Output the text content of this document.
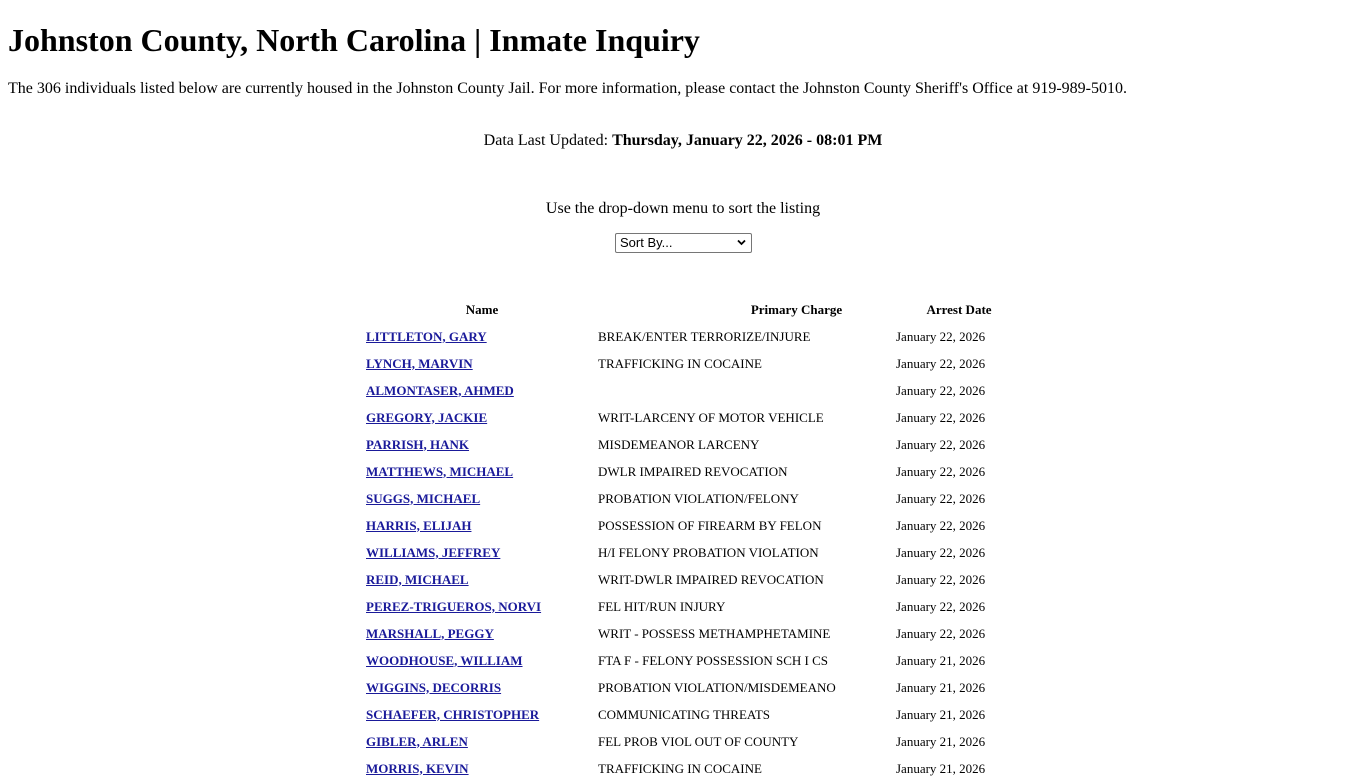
Johnston County, North Carolina | Inmate Inquiry

The 306 individuals listed below are currently housed in the Johnston County Jail. For more information, please contact the Johnston County Sheriff's Office at 919-989-5010.

Data Last Updated: Thursday, January 22, 2026 - 08:01 PM
Use the drop-down menu to sort the listing
Sort By...
Name	Primary Charge	Arrest Date
LITTLETON, GARY	BREAK/ENTER TERRORIZE/INJURE	January 22, 2026
LYNCH, MARVIN	TRAFFICKING IN COCAINE	January 22, 2026
ALMONTASER, AHMED		January 22, 2026
GREGORY, JACKIE	WRIT-LARCENY OF MOTOR VEHICLE	January 22, 2026
PARRISH, HANK	MISDEMEANOR LARCENY	January 22, 2026
MATTHEWS, MICHAEL	DWLR IMPAIRED REVOCATION	January 22, 2026
SUGGS, MICHAEL	PROBATION VIOLATION/FELONY	January 22, 2026
HARRIS, ELIJAH	POSSESSION OF FIREARM BY FELON	January 22, 2026
WILLIAMS, JEFFREY	H/I FELONY PROBATION VIOLATION	January 22, 2026
REID, MICHAEL	WRIT-DWLR IMPAIRED REVOCATION	January 22, 2026
PEREZ-TRIGUEROS, NORVI	FEL HIT/RUN INJURY	January 22, 2026
MARSHALL, PEGGY	WRIT - POSSESS METHAMPHETAMINE	January 22, 2026
WOODHOUSE, WILLIAM	FTA F - FELONY POSSESSION SCH I CS	January 21, 2026
WIGGINS, DECORRIS	PROBATION VIOLATION/MISDEMEANO	January 21, 2026
SCHAEFER, CHRISTOPHER	COMMUNICATING THREATS	January 21, 2026
GIBLER, ARLEN	FEL PROB VIOL OUT OF COUNTY	January 21, 2026
MORRIS, KEVIN	TRAFFICKING IN COCAINE	January 21, 2026
